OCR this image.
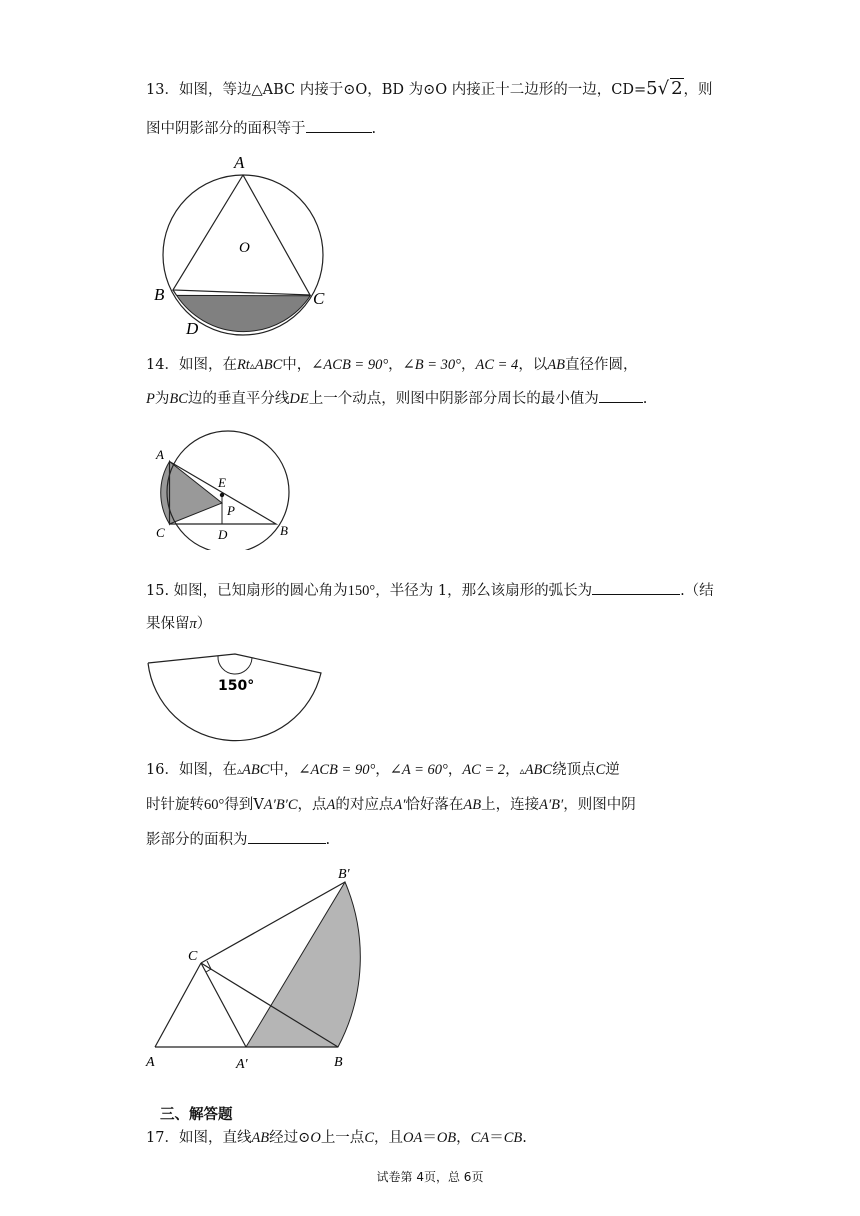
13．如图，等边△ABC 内接于⊙O，BD 为⊙O 内接正十二边形的一边，CD=5√ 2，则
图中阴影部分的面积等于	.
A
O
B	C
D
14．如图，在Rt▵ABC中，∠ACB = 90°，∠B = 30°，AC = 4，以AB直径作圆，
P为BC边的垂直平分线DE上一个动点，则图中阴影部分周长的最小值为	.
A
E
P
C	D	B
15. 如图，已知扇形的圆心角为150°，半径为 1，那么该扇形的弧长为	.（结
果保留π）
150°
16．如图，在▵ABC中，∠ACB = 90°，∠A = 60°，AC = 2，▵ABC绕顶点C逆
时针旋转60°得到VA′B′C，点A的对应点A′恰好落在AB上，连接A′B′，则图中阴
影部分的面积为	.
B′
C
A	A′	B
三、解答题
17．如图，直线AB经过⊙O上一点C，且OA＝OB，CA＝CB.
试卷第 4页，总 6页
